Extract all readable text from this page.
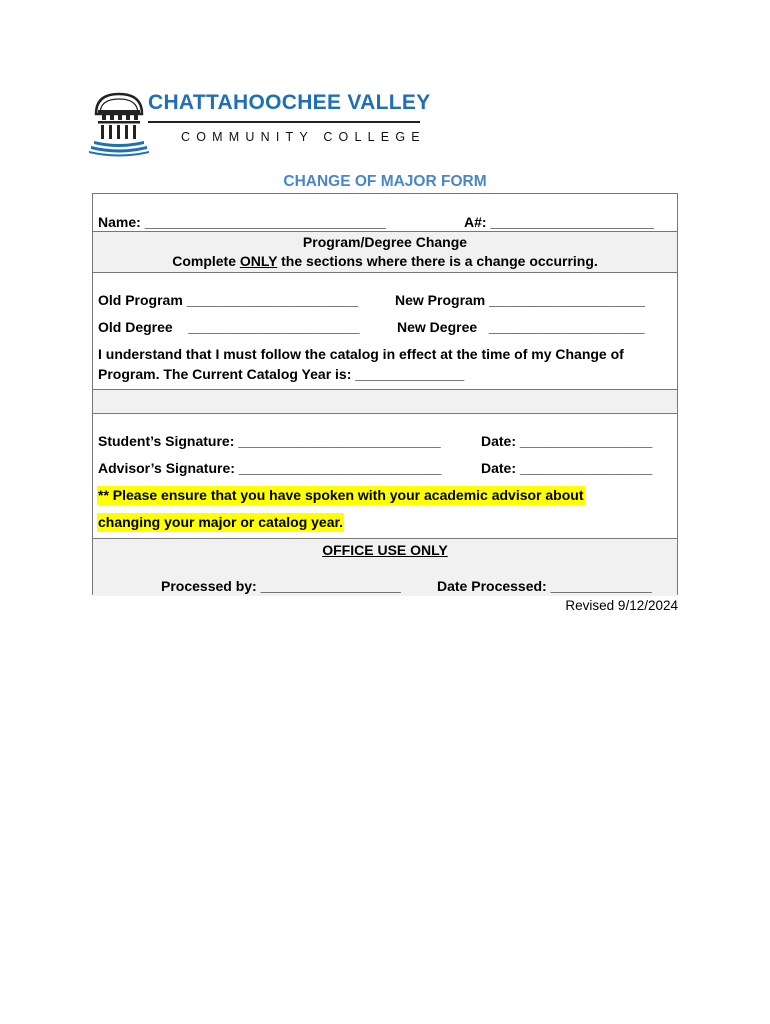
CHATTAHOOCHEE VALLEY
COMMUNITY COLLEGE
CHANGE OF MAJOR FORM
Name: _______________________________	A#: _____________________
Program/Degree Change
Complete ONLY the sections where there is a change occurring.
Old Program ______________________	New Program ____________________
Old Degree ______________________	New Degree ____________________
I understand that I must follow the catalog in effect at the time of my Change of
Program. The Current Catalog Year is: ______________
Student’s Signature: __________________________	Date: _________________
Advisor’s Signature: __________________________	Date: _________________
** Please ensure that you have spoken with your academic advisor about
changing your major or catalog year.
OFFICE USE ONLY
Processed by: __________________	Date Processed: _____________
Revised 9/12/2024
